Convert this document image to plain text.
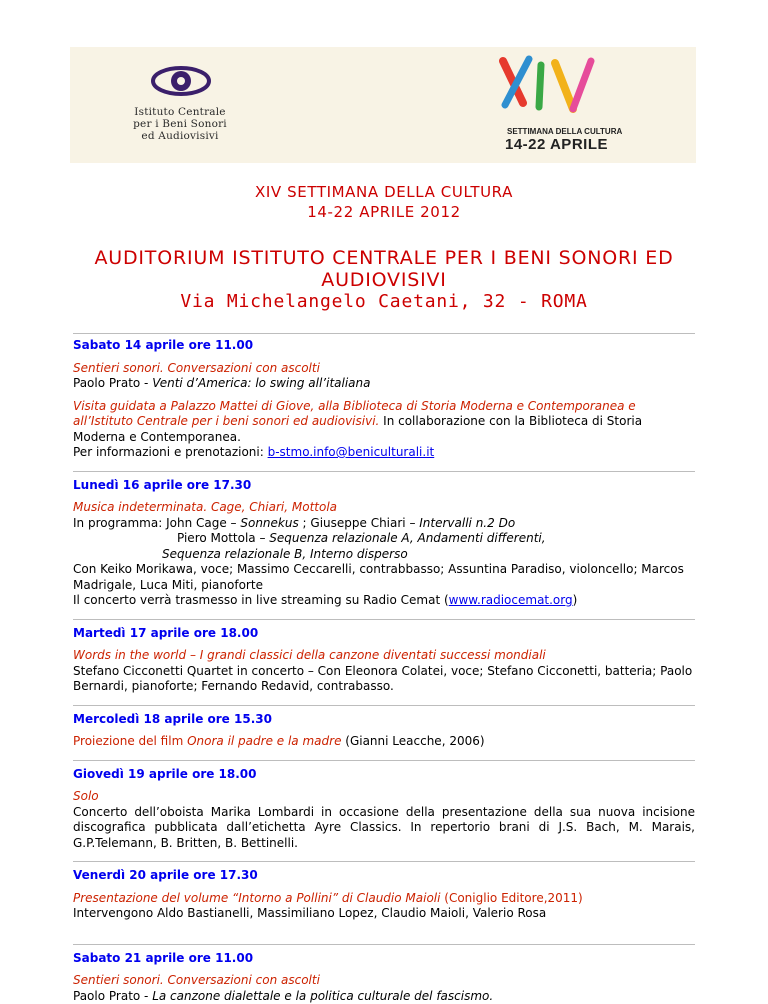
Istituto Centrale
per i Beni Sonori
ed Audiovisivi
XIV
SETTIMANA DELLA CULTURA
14-22 APRILE
XIV SETTIMANA DELLA CULTURA
14-22 APRILE 2012
AUDITORIUM ISTITUTO CENTRALE PER I BENI SONORI ED
AUDIOVISIVI
Via Michelangelo Caetani, 32 - ROMA
Sabato 14 aprile ore 11.00
Sentieri sonori. Conversazioni con ascolti
Paolo Prato - Venti d’America: lo swing all’italiana
Visita guidata a Palazzo Mattei di Giove, alla Biblioteca di Storia Moderna e Contemporanea e all’Istituto Centrale per i beni sonori ed audiovisivi. In collaborazione con la Biblioteca di Storia Moderna e Contemporanea.
Per informazioni e prenotazioni: b-stmo.info@beniculturali.it
Lunedì 16 aprile ore 17.30
Musica indeterminata. Cage, Chiari, Mottola
In programma: John Cage – Sonnekus ; Giuseppe Chiari – Intervalli n.2 Do
Piero Mottola – Sequenza relazionale A, Andamenti differenti,
Sequenza relazionale B, Interno disperso
Con Keiko Morikawa, voce; Massimo Ceccarelli, contrabbasso; Assuntina Paradiso, violoncello; Marcos Madrigale, Luca Miti, pianoforte
Il concerto verrà trasmesso in live streaming su Radio Cemat (www.radiocemat.org)
Martedì 17 aprile ore 18.00
Words in the world – I grandi classici della canzone diventati successi mondiali
Stefano Cicconetti Quartet in concerto – Con Eleonora Colatei, voce; Stefano Cicconetti, batteria; Paolo Bernardi, pianoforte; Fernando Redavid, contrabasso.
Mercoledì 18 aprile ore 15.30
Proiezione del film Onora il padre e la madre (Gianni Leacche, 2006)
Giovedì 19 aprile ore 18.00
Solo
Concerto dell’oboista Marika Lombardi in occasione della presentazione della sua nuova incisione discografica pubblicata dall’etichetta Ayre Classics. In repertorio brani di J.S. Bach, M. Marais, G.P.Telemann, B. Britten, B. Bettinelli.
Venerdì 20 aprile ore 17.30
Presentazione del volume “Intorno a Pollini” di Claudio Maioli (Coniglio Editore,2011)
Intervengono Aldo Bastianelli, Massimiliano Lopez, Claudio Maioli, Valerio Rosa
Sabato 21 aprile ore 11.00
Sentieri sonori. Conversazioni con ascolti
Paolo Prato - La canzone dialettale e la politica culturale del fascismo.
